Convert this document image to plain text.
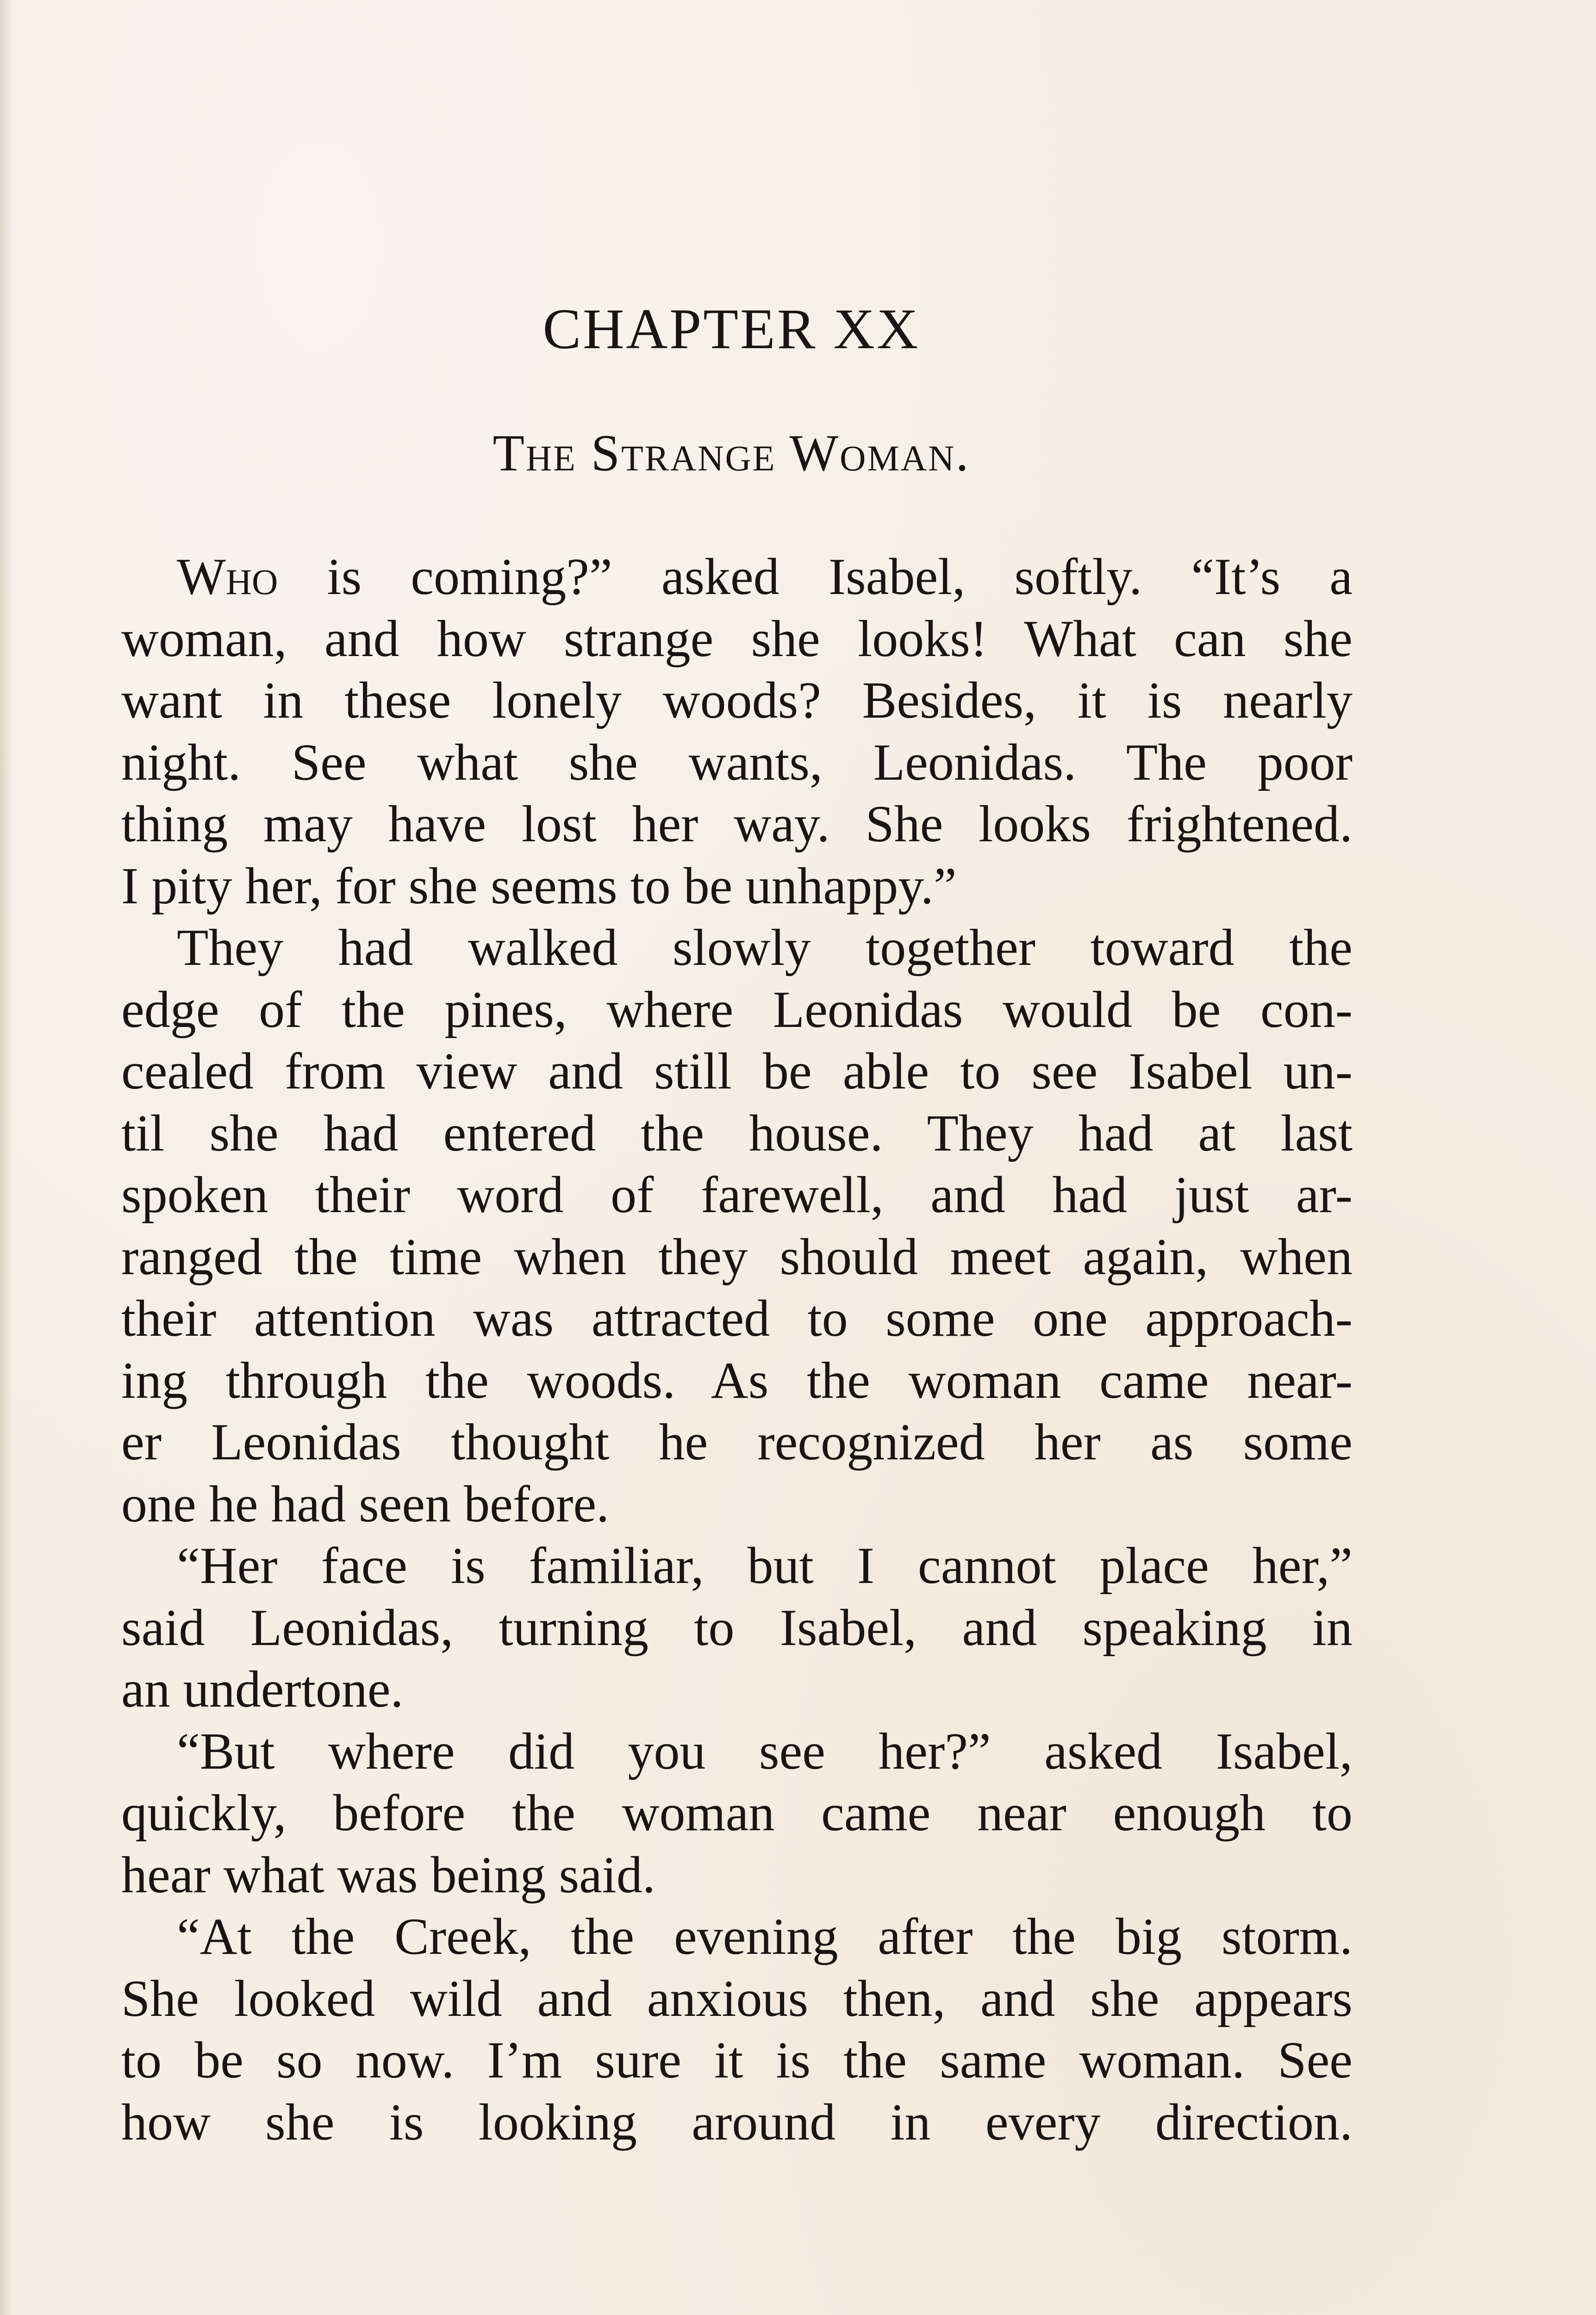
CHAPTER XX
The Strange Woman.
Who is coming?” asked Isabel, softly. “It’s a
woman, and how strange she looks! What can she
want in these lonely woods? Besides, it is nearly
night. See what she wants, Leonidas. The poor
thing may have lost her way. She looks frightened.
I pity her, for she seems to be unhappy.”
They had walked slowly together toward the
edge of the pines, where Leonidas would be con-
cealed from view and still be able to see Isabel un-
til she had entered the house. They had at last
spoken their word of farewell, and had just ar-
ranged the time when they should meet again, when
their attention was attracted to some one approach-
ing through the woods. As the woman came near-
er Leonidas thought he recognized her as some
one he had seen before.
“Her face is familiar, but I cannot place her,”
said Leonidas, turning to Isabel, and speaking in
an undertone.
“But where did you see her?” asked Isabel,
quickly, before the woman came near enough to
hear what was being said.
“At the Creek, the evening after the big storm.
She looked wild and anxious then, and she appears
to be so now. I’m sure it is the same woman. See
how she is looking around in every direction.
